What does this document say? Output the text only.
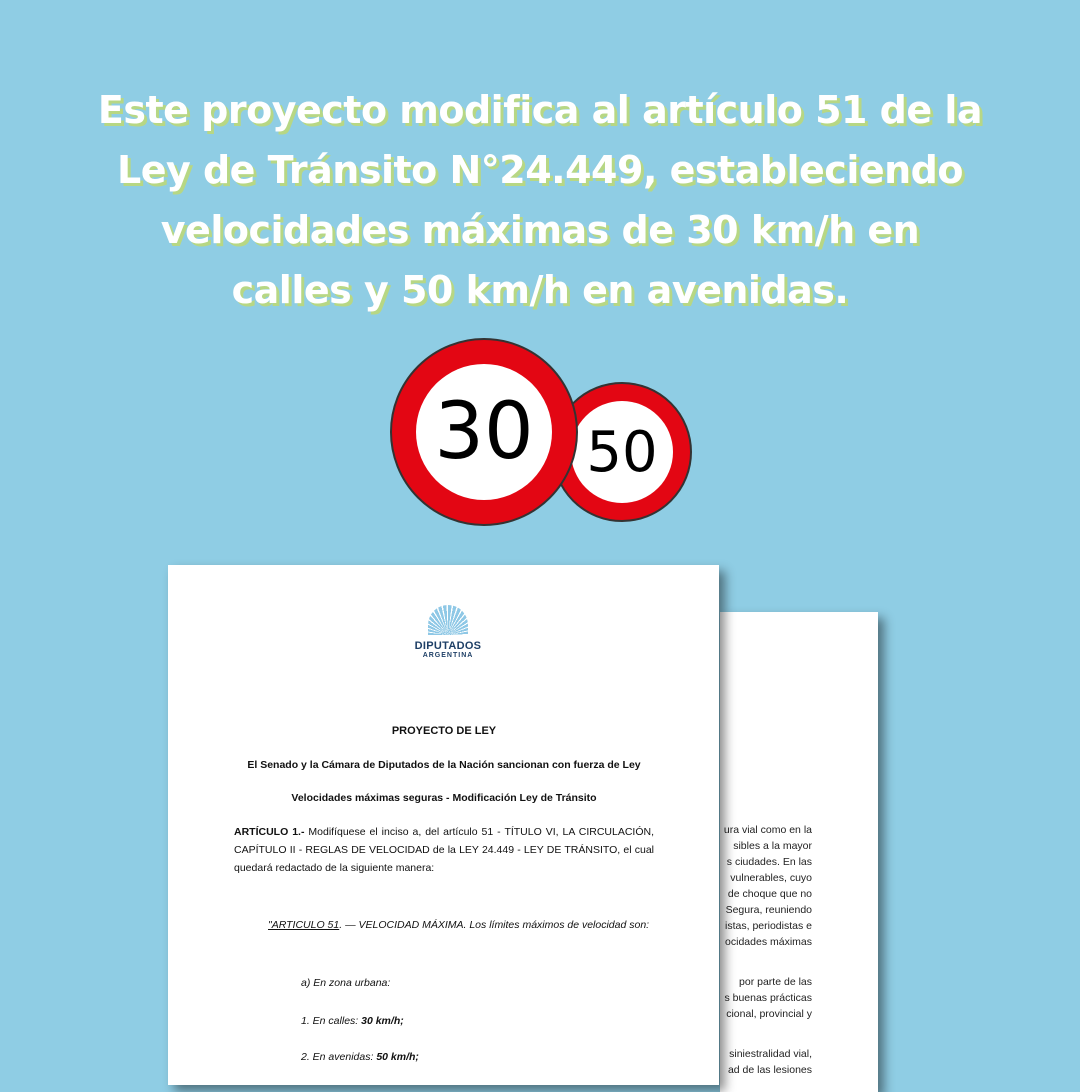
Este proyecto modifica al artículo 51 de la
Ley de Tránsito N°24.449, estableciendo
velocidades máximas de 30 km/h en
calles y 50 km/h en avenidas.
30 50
ura vial como en la
sibles a la mayor
s ciudades. En las
vulnerables, cuyo
de choque que no
Segura, reuniendo
istas, periodistas e
ocidades máximas
por parte de las
s buenas prácticas
cional, provincial y
siniestralidad vial,
ad de las lesiones
DIPUTADOS
ARGENTINA
PROYECTO DE LEY
El Senado y la Cámara de Diputados de la Nación sancionan con fuerza de Ley
Velocidades máximas seguras - Modificación Ley de Tránsito
ARTÍCULO 1.- Modifíquese el inciso a, del artículo 51 - TÍTULO VI, LA CIRCULACIÓN, CAPÍTULO II - REGLAS DE VELOCIDAD de la LEY 24.449 - LEY DE TRÁNSITO, el cual quedará redactado de la siguiente manera:
"ARTICULO 51. — VELOCIDAD MÁXIMA. Los límites máximos de velocidad son:
a) En zona urbana:
1. En calles: 30 km/h;
2. En avenidas: 50 km/h;
